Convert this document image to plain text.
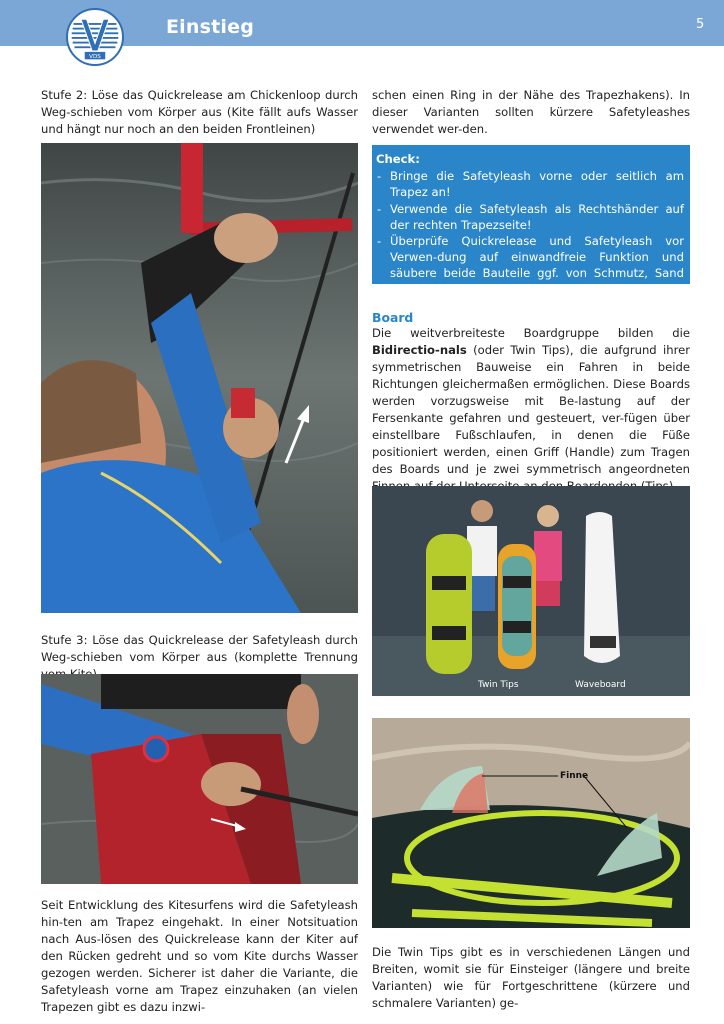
VDS
Einstieg	5
Stufe 2: Löse das Quickrelease am Chickenloop durch Weg-schieben vom Körper aus (Kite fällt aufs Wasser und hängt nur noch an den beiden Frontleinen)
Stufe 3: Löse das Quickrelease der Safetyleash durch Weg-schieben vom Körper aus (komplette Trennung
Seit Entwicklung des Kitesurfens wird die Safetyleash hin-ten am Trapez eingehakt. In einer Notsituation nach Aus-lösen des Quickrelease kann der Kiter auf den Rücken gedreht und so vom Kite durchs Wasser gezogen werden. Sicherer ist daher die Variante, die Safetyleash vorne am Trapez einzuhaken (an vielen Trapezen gibt es dazu inzwi-
schen einen Ring in der Nähe des Trapezhakens). In dieser Varianten sollten kürzere Safetyleashes verwendet wer-den.
Check:
- Bringe die Safetyleash vorne oder seitlich am Trapez an!
- Verwende die Safetyleash als Rechtshänder auf der rechten Trapezseite!
- Überprüfe Quickrelease und Safetyleash vor Verwen-dung auf einwandfreie Funktion und säubere beide Bauteile ggf. von Schmutz, Sand und kleinen Steinen.
Board
Die weitverbreiteste Boardgruppe bilden die Bidirectio-nals (oder Twin Tips), die aufgrund ihrer symmetrischen Bauweise ein Fahren in beide Richtungen gleichermaßen ermöglichen. Diese Boards werden vorzugsweise mit Be-lastung auf der Fersenkante gefahren und gesteuert, ver-fügen über einstellbare Fußschlaufen, in denen die Füße positioniert werden, einen Griff (Handle) zum Tragen des Boards und je zwei symmetrisch angeordneten
Twin Tips	Waveboard
Finne
Die Twin Tips gibt es in verschiedenen Längen und Breiten, womit sie für Einsteiger (längere und breite Varianten) wie für Fortgeschrittene (kürzere und schmalere Varianten) ge-
